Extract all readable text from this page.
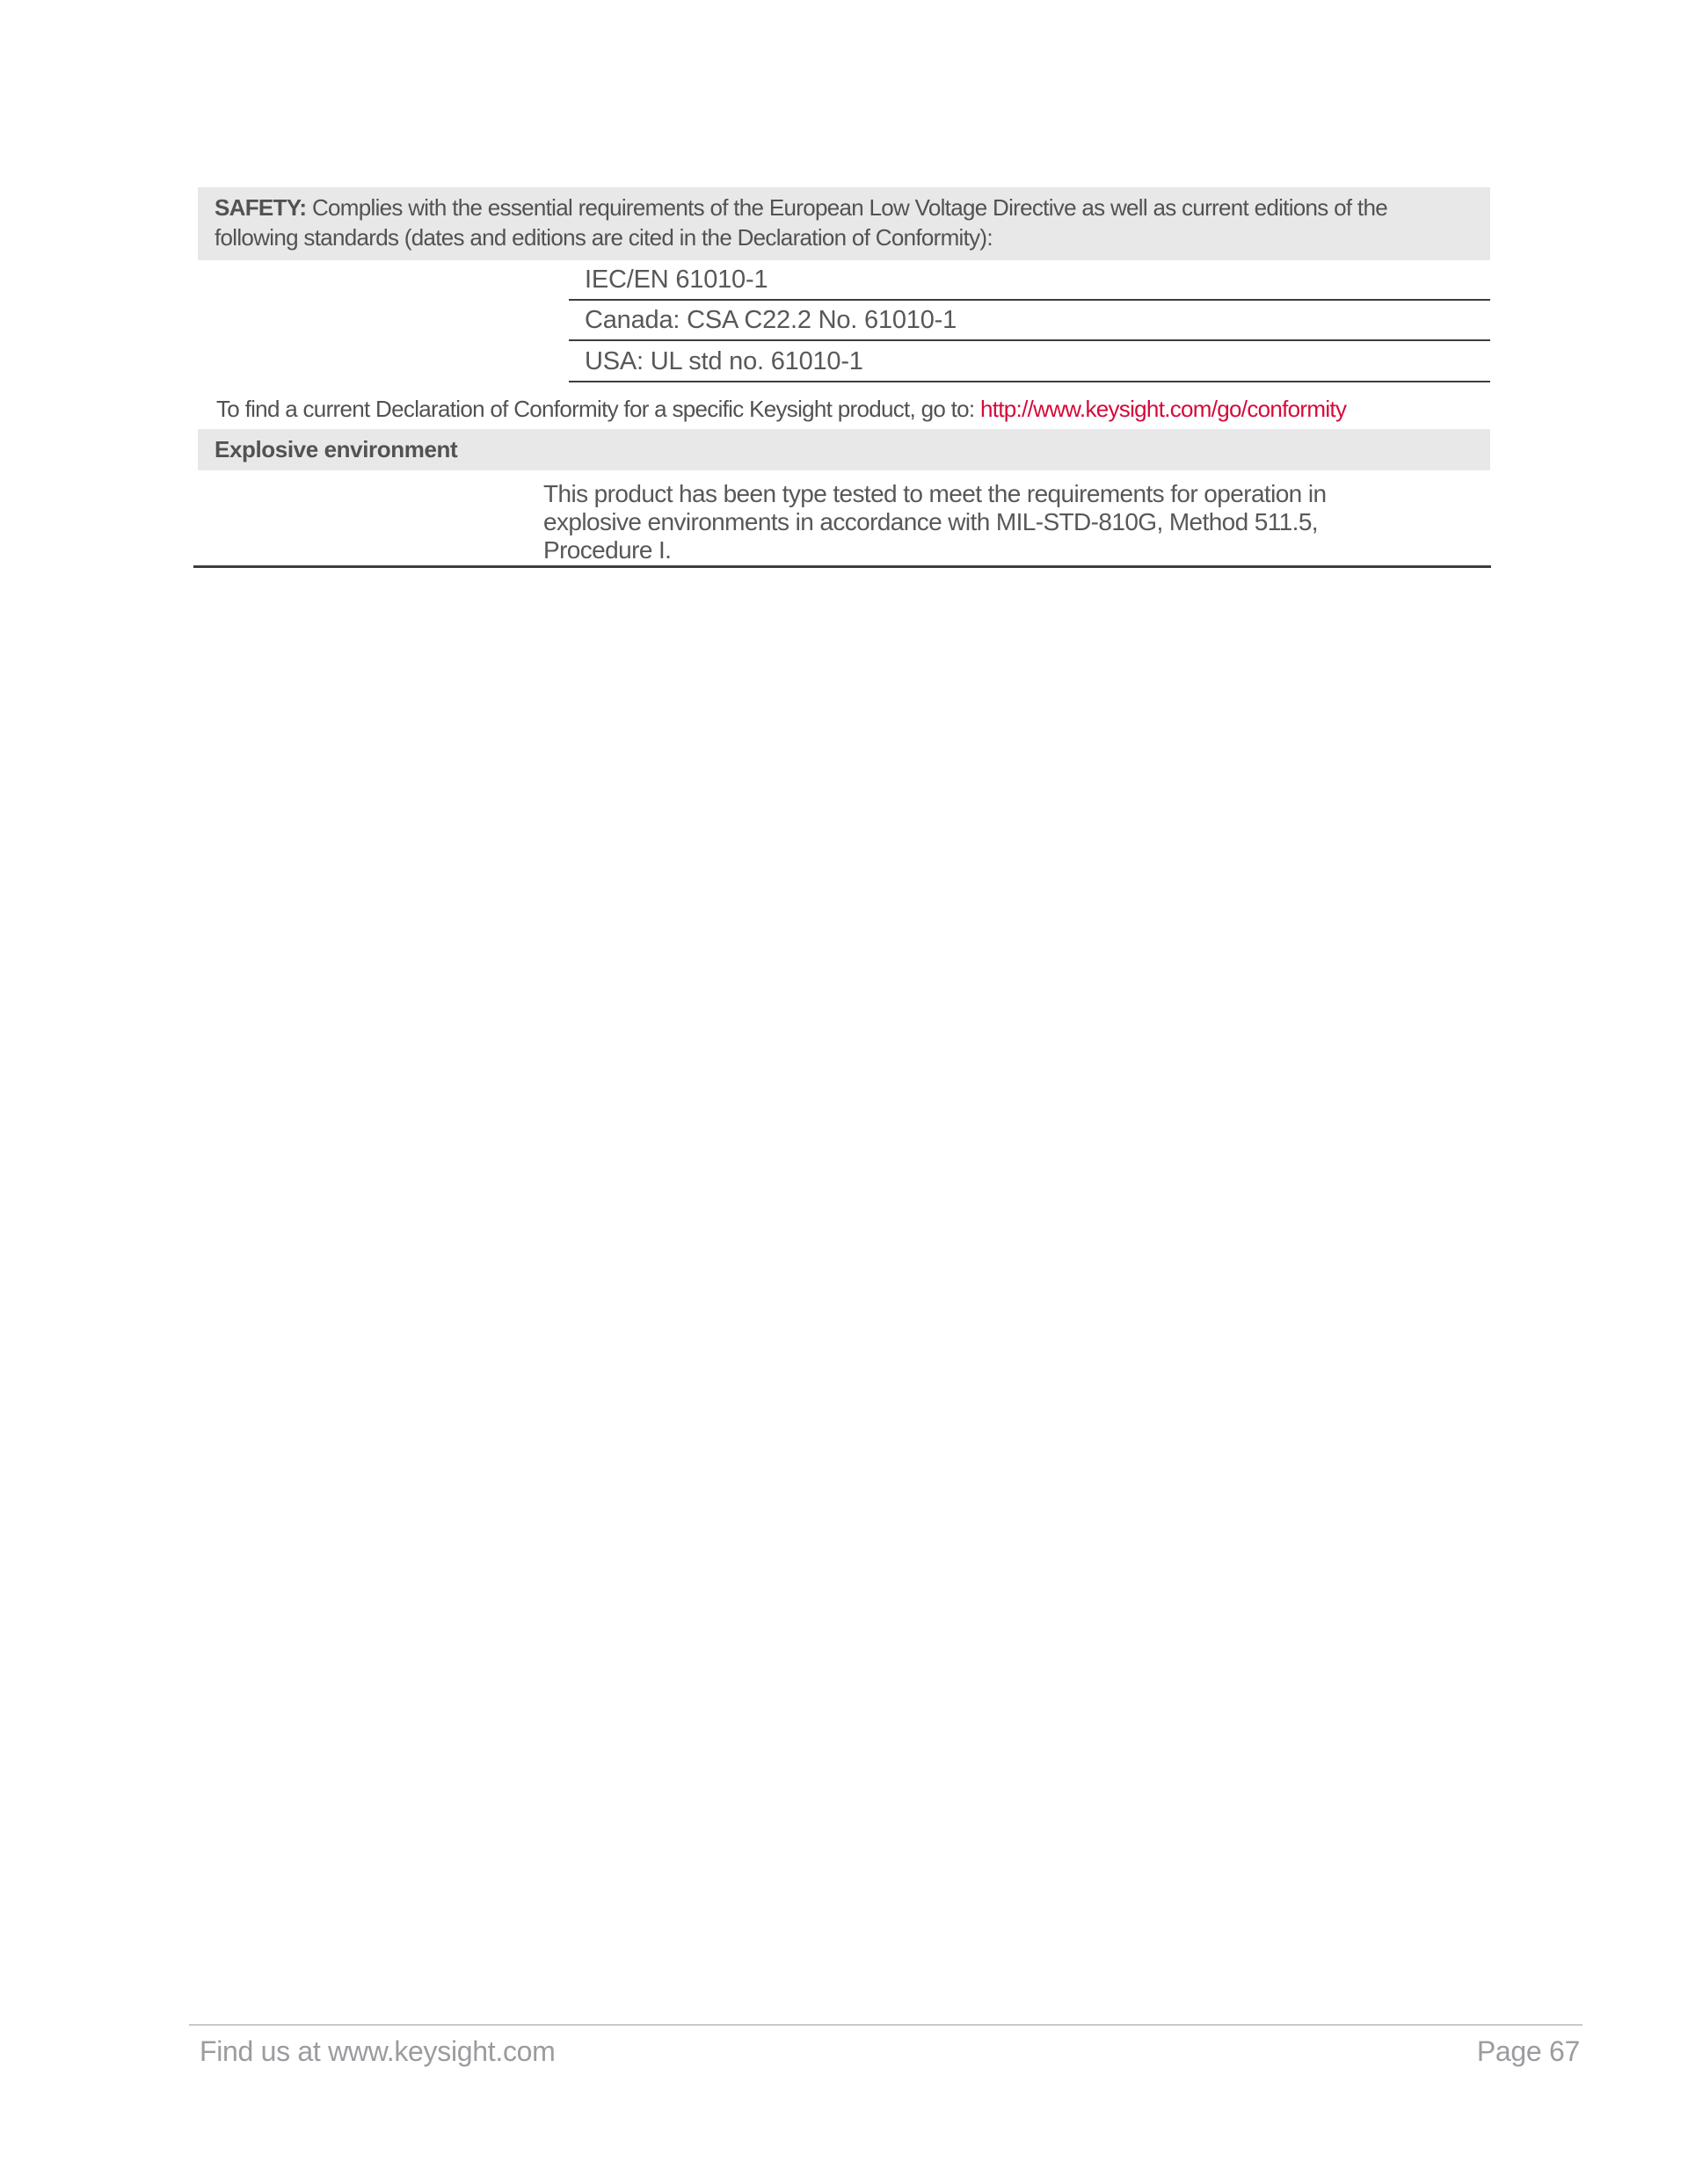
SAFETY: Complies with the essential requirements of the European Low Voltage Directive as well as current editions of the
following standards (dates and editions are cited in the Declaration of Conformity):
IEC/EN 61010-1
Canada: CSA C22.2 No. 61010-1
USA: UL std no. 61010-1
To find a current Declaration of Conformity for a specific Keysight product, go to: http://www.keysight.com/go/conformity
Explosive environment
This product has been type tested to meet the requirements for operation in
explosive environments in accordance with MIL-STD-810G, Method 511.5,
Procedure I.
Find us at www.keysight.com	Page 67
